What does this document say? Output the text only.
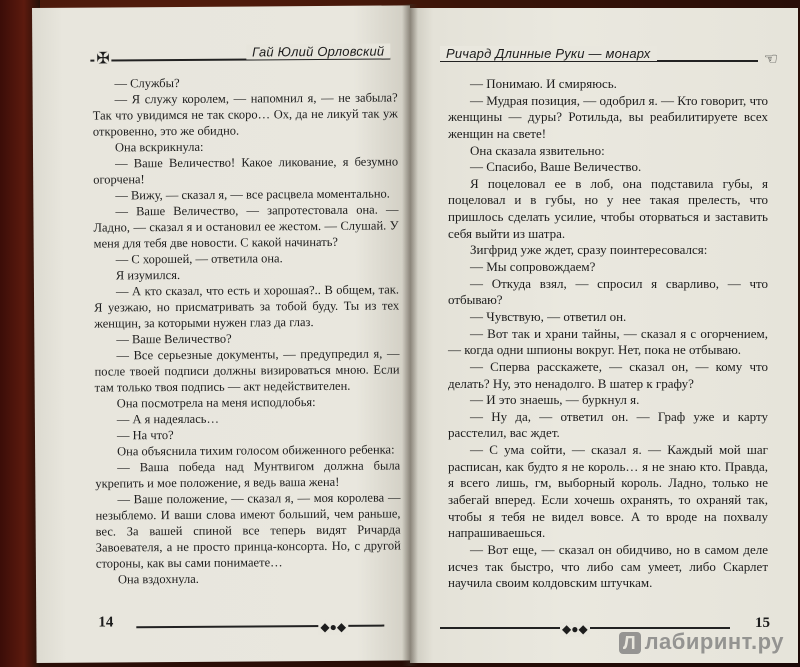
✠	Гай Юлий Орловский

— Службы?

— Я служу королем, — напомнил я, — не забыла? Так что увидимся не так скоро… Ох, да не ликуй так уж откровенно, это же обидно.

Она вскрикнула:

— Ваше Величество! Какое ликование, я безумно огорчена!

— Вижу, — сказал я, — все расцвела моментально.

— Ваше Величество, — запротестовала она. — Ладно, — сказал я и остановил ее жестом. — Слушай. У меня для тебя две новости. С какой начинать?

— С хорошей, — ответила она.

Я изумился.

— А кто сказал, что есть и хорошая?.. В общем, так. Я уезжаю, но присматривать за тобой буду. Ты из тех женщин, за которыми нужен глаз да глаз.

— Ваше Величество?

— Все серьезные документы, — предупредил я, — после твоей подписи должны визироваться мною. Если там только твоя подпись — акт недействителен.

Она посмотрела на меня исподлобья:

— А я надеялась…

— На что?

Она объяснила тихим голосом обиженного ребенка:

— Ваша победа над Мунтвигом должна была укрепить и мое положение, я ведь ваша жена!

— Ваше положение, — сказал я, — моя королева — незыблемо. И ваши слова имеют больший, чем раньше, вес. За вашей спиной все теперь видят Ричарда Завоевателя, а не просто принца-консорта. Но, с другой стороны, как вы сами понимаете…

Она вздохнула.

14	◆●◆
Ричард Длинные Руки — монарх	☜

— Понимаю. И смиряюсь.

— Мудрая позиция, — одобрил я. — Кто говорит, что женщины — дуры? Ротильда, вы реабилитируете всех женщин на свете!

Она сказала язвительно:

— Спасибо, Ваше Величество.

Я поцеловал ее в лоб, она подставила губы, я поцеловал и в губы, но у нее такая прелесть, что пришлось сделать усилие, чтобы оторваться и заставить себя выйти из шатра.

Зигфрид уже ждет, сразу поинтересовался:

— Мы сопровождаем?

— Откуда взял, — спросил я сварливо, — что отбываю?

— Чувствую, — ответил он.

— Вот так и храни тайны, — сказал я с огорчением, — когда одни шпионы вокруг. Нет, пока не отбываю.

— Сперва расскажете, — сказал он, — кому что делать? Ну, это ненадолго. В шатер к графу?

— И это знаешь, — буркнул я.

— Ну да, — ответил он. — Граф уже и карту расстелил, вас ждет.

— С ума сойти, — сказал я. — Каждый мой шаг расписан, как будто я не король… я не знаю кто. Правда, я всего лишь, гм, выборный король. Ладно, только не забегай вперед. Если хочешь охранять, то охраняй так, чтобы я тебя не видел вовсе. А то вроде на похвалу напрашиваешься.

— Вот еще, — сказал он обидчиво, но в самом деле исчез так быстро, что либо сам умеет, либо Скарлет научила своим колдовским штучкам.

◆●◆	15
Л лабиринт.ру
